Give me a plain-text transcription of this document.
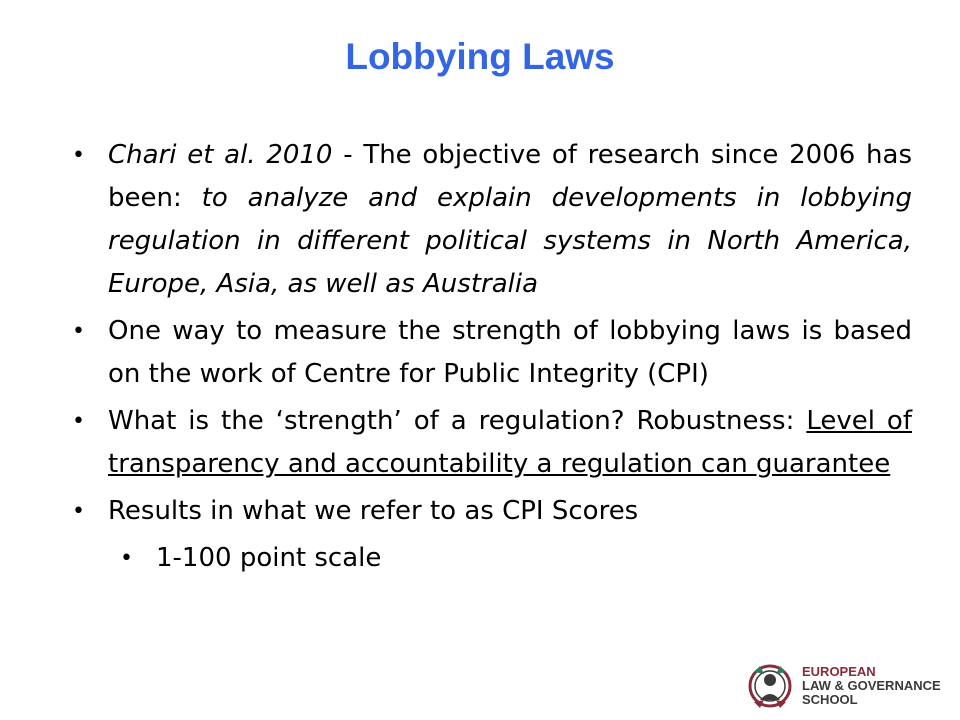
Lobbying Laws
• Chari et al. 2010 - The objective of research since 2006 has been: to analyze and explain developments in lobbying regulation in different political systems in North America, Europe, Asia, as well as Australia
• One way to measure the strength of lobbying laws is based on the work of Centre for Public Integrity (CPI)
• What is the ‘strength’ of a regulation? Robustness: Level of transparency and accountability a regulation can guarantee
• Results in what we refer to as CPI Scores
• 1-100 point scale
EUROPEAN
LAW & GOVERNANCE
SCHOOL
